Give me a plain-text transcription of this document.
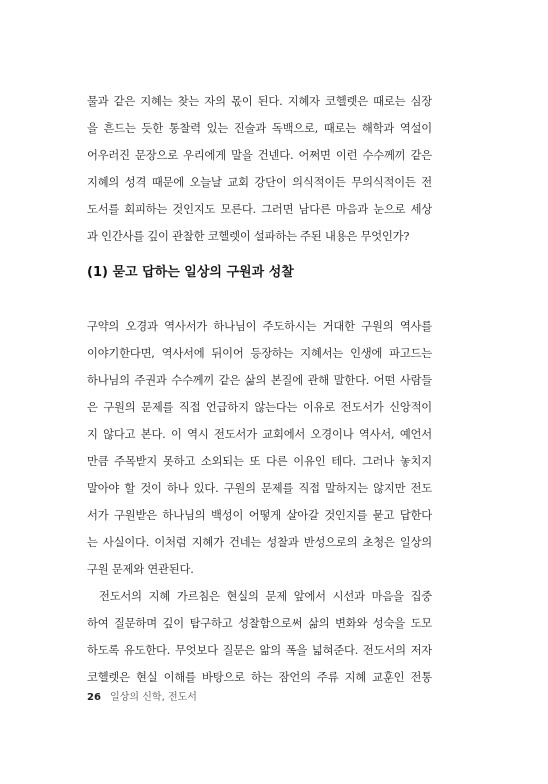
물과 같은 지혜는 찾는 자의 몫이 된다. 지혜자 코헬렛은 때로는 심장
을 흔드는 듯한 통찰력 있는 진술과 독백으로, 때로는 해학과 역설이
어우러진 문장으로 우리에게 말을 건넨다. 어쩌면 이런 수수께끼 같은
지혜의 성격 때문에 오늘날 교회 강단이 의식적이든 무의식적이든 전
도서를 회피하는 것인지도 모른다. 그러면 남다른 마음과 눈으로 세상
과 인간사를 깊이 관찰한 코헬렛이 설파하는 주된 내용은 무엇인가?
(1) 묻고 답하는 일상의 구원과 성찰
구약의 오경과 역사서가 하나님이 주도하시는 거대한 구원의 역사를
이야기한다면, 역사서에 뒤이어 등장하는 지혜서는 인생에 파고드는
하나님의 주권과 수수께끼 같은 삶의 본질에 관해 말한다. 어떤 사람들
은 구원의 문제를 직접 언급하지 않는다는 이유로 전도서가 신앙적이
지 않다고 본다. 이 역시 전도서가 교회에서 오경이나 역사서, 예언서
만큼 주목받지 못하고 소외되는 또 다른 이유인 테다. 그러나 놓치지
말아야 할 것이 하나 있다. 구원의 문제를 직접 말하지는 않지만 전도
서가 구원받은 하나님의 백성이 어떻게 살아갈 것인지를 묻고 답한다
는 사실이다. 이처럼 지혜가 건네는 성찰과 반성으로의 초청은 일상의
구원 문제와 연관된다.
전도서의 지혜 가르침은 현실의 문제 앞에서 시선과 마음을 집중
하여 질문하며 깊이 탐구하고 성찰함으로써 삶의 변화와 성숙을 도모
하도록 유도한다. 무엇보다 질문은 앎의 폭을 넓혀준다. 전도서의 저자
코헬렛은 현실 이해를 바탕으로 하는 잠언의 주류 지혜 교훈인 전통
26 일상의 신학, 전도서
